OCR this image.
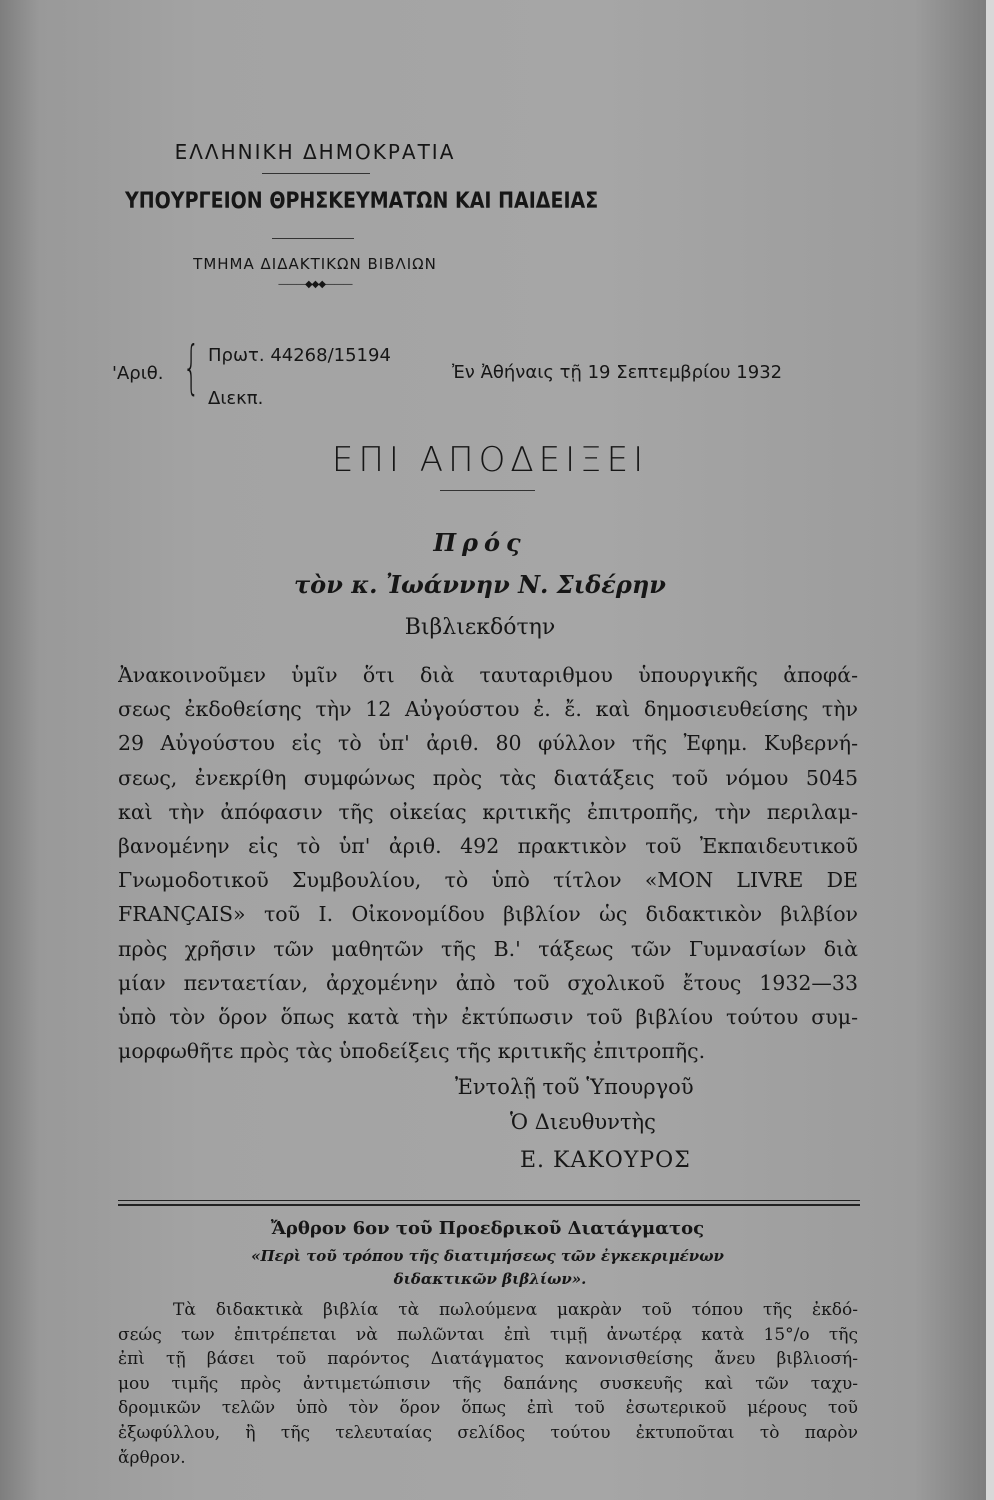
ΕΛΛΗΝΙΚΗ ΔΗΜΟΚΡΑΤΙΑ
ΥΠΟΥΡΓΕΙΟΝ ΘΡΗΣΚΕΥΜΑΤΩΝ ΚΑΙ ΠΑΙΔΕΙΑΣ
ΤΜΗΜΑ ΔΙΔΑΚΤΙΚΩΝ ΒΙΒΛΙΩΝ
———◆◆◆———
'Αριθ. { Πρωτ. 44268/15194
Διεκπ.
Ἐν Ἀθήναις τῇ 19 Σεπτεμβρίου 1932
ΕΠΙ ΑΠΟΔΕΙΞΕΙ
Πρός
τὸν κ. Ἰωάννην Ν. Σιδέρην
Βιβλιεκδότην
Ἀνακοινοῦμεν ὑμῖν ὅτι διὰ ταυταριθμου ὑπουργικῆς ἀποφά-
σεως ἐκδοθείσης τὴν 12 Αὐγούστου ἐ. ἔ. καὶ δημοσιευθείσης τὴν
29 Αὐγούστου εἰς τὸ ὑπ' ἀριθ. 80 φύλλον τῆς Ἐφημ. Κυβερνή-
σεως, ἐνεκρίθη συμφώνως πρὸς τὰς διατάξεις τοῦ νόμου 5045
καὶ τὴν ἀπόφασιν τῆς οἰκείας κριτικῆς ἐπιτροπῆς, τὴν περιλαμ-
βανομένην εἰς τὸ ὑπ' ἀριθ. 492 πρακτικὸν τοῦ Ἐκπαιδευτικοῦ
Γνωμοδοτικοῦ Συμβουλίου, τὸ ὑπὸ τίτλον «MON LIVRE DE
FRANÇAIS» τοῦ Ι. Οἰκονομίδου βιβλίον ὡς διδακτικὸν βιλβίον
πρὸς χρῆσιν τῶν μαθητῶν τῆς Β.' τάξεως τῶν Γυμνασίων διὰ
μίαν πενταετίαν, ἀρχομένην ἀπὸ τοῦ σχολικοῦ ἔτους 1932—33
ὑπὸ τὸν ὅρον ὅπως κατὰ τὴν ἐκτύπωσιν τοῦ βιβλίου τούτου συμ-
μορφωθῆτε πρὸς τὰς ὑποδείξεις τῆς κριτικῆς ἐπιτροπῆς.
Ἐντολῇ τοῦ Ὑπουργοῦ
Ὁ Διευθυντὴς
Ε. ΚΑΚΟΥΡΟΣ
Ἄρθρον 6ον τοῦ Προεδρικοῦ Διατάγματος
«Περὶ τοῦ τρόπου τῆς διατιμήσεως τῶν ἐγκεκριμένων
διδακτικῶν βιβλίων».
Τὰ διδακτικὰ βιβλία τὰ πωλούμενα μακρὰν τοῦ τόπου τῆς ἐκδό-
σεώς των ἐπιτρέπεται νὰ πωλῶνται ἐπὶ τιμῇ ἀνωτέρᾳ κατὰ 15°/ο τῆς
ἐπὶ τῇ βάσει τοῦ παρόντος Διατάγματος κανονισθείσης ἄνευ βιβλιοσή-
μου τιμῆς πρὸς ἀντιμετώπισιν τῆς δαπάνης συσκευῆς καὶ τῶν ταχυ-
δρομικῶν τελῶν ὑπὸ τὸν ὅρον ὅπως ἐπὶ τοῦ ἐσωτερικοῦ μέρους τοῦ
ἐξωφύλλου, ἢ τῆς τελευταίας σελίδος τούτου ἐκτυποῦται τὸ παρὸν
ἄρθρον.
